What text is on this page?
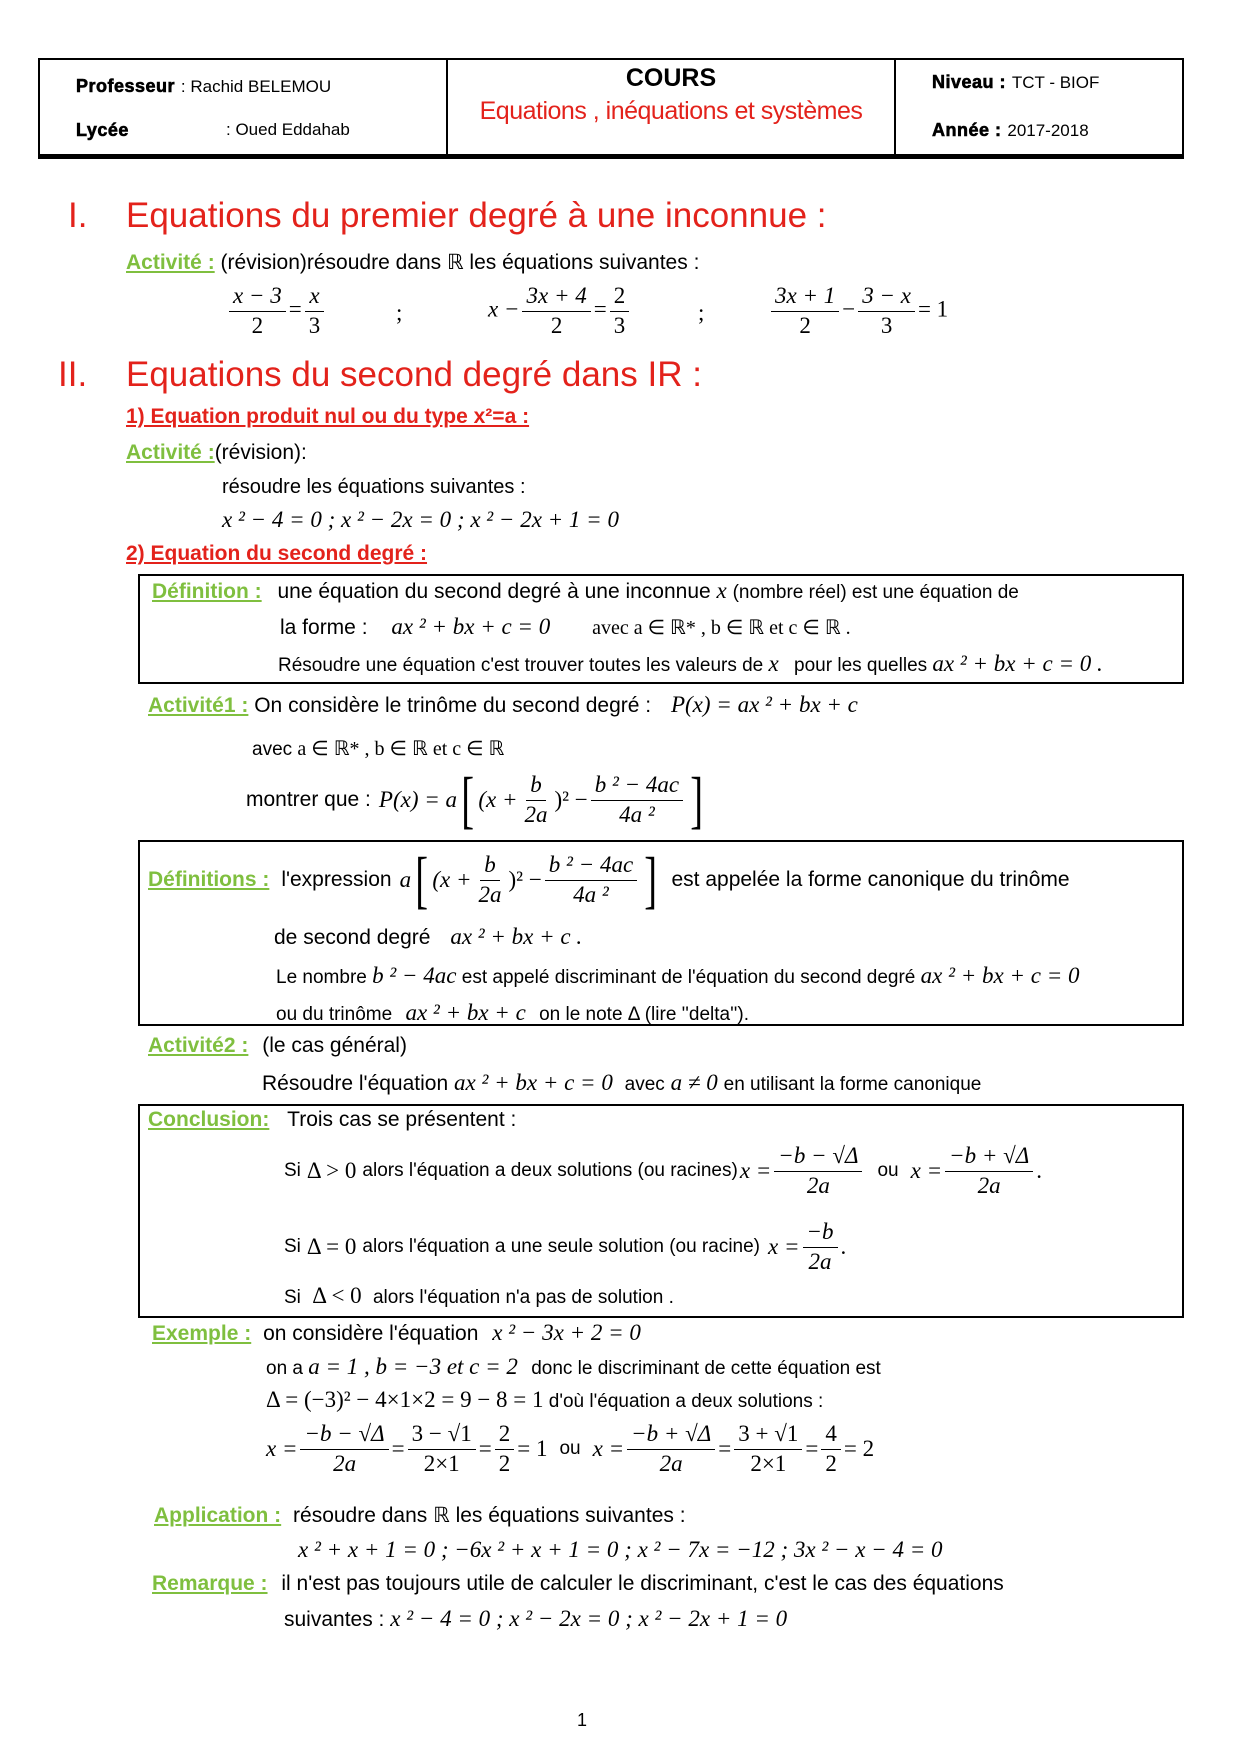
Professeur : Rachid BELEMOU
Lycée	: Oued Eddahab
COURS
Equations , inéquations et systèmes
Niveau : TCT - BIOF
Année : 2017-2018
I. Equations du premier degré à une inconnue :
Activité : (révision)résoudre dans ℝ les équations suivantes :
$\frac{x - 3}{2} = \frac{x}{3}$	;	$x - \frac{3x + 4}{2} = \frac{2}{3}$	;	$\frac{3x + 1}{2} - \frac{3 - x}{3} = 1$
II. Equations du second degré dans IR :
1) Equation produit nul ou du type x²=a :
Activité :(révision):
résoudre les équations suivantes :
x ² − 4 = 0 ; x ² − 2x = 0 ; x ² − 2x + 1 = 0
2) Equation du second degré :
Définition : une équation du second degré à une inconnue x (nombre réel) est une équation de
la forme : ax ² + bx + c = 0 avec a ∈ ℝ* , b ∈ ℝ et c ∈ ℝ .
Résoudre une équation c'est trouver toutes les valeurs de x pour les quelles ax ² + bx + c = 0 .
Activité1 : On considère le trinôme du second degré : P(x) = ax ² + bx + c
avec a ∈ ℝ* , b ∈ ℝ et c ∈ ℝ
montrer que : P(x) = a [ $(x + \frac{b}{2a} )^2 - \frac{\text{b ² − 4ac}}{\text{4a ²}}$ ]
Définitions : l'expression a [ $(x + \frac{b}{2a} )^2 - \frac{\text{b ² − 4ac}}{\text{4a ²}}$ ] est appelée la forme canonique du trinôme
de second degré ax ² + bx + c .
Le nombre b ² − 4ac est appelé discriminant de l'équation du second degré ax ² + bx + c = 0
ou du trinôme ax ² + bx + c on le note Δ (lire ''delta'').
Activité2 : (le cas général)
Résoudre l'équation ax ² + bx + c = 0 avec a ≠ 0 en utilisant la forme canonique
Conclusion: Trois cas se présentent :
Si Δ > 0 alors l'équation a deux solutions (ou racines) $x = \frac{-b - √\Delta}{2a}$ ou $x = \frac{-b + √\Delta}{2a}$ .
Si Δ = 0 alors l'équation a une seule solution (ou racine) $x = \frac{-b}{2a}$ .
Si Δ < 0 alors l'équation n'a pas de solution .
Exemple : on considère l'équation x ² − 3x + 2 = 0
on a a = 1 , b = −3 et c = 2 donc le discriminant de cette équation est
Δ = (−3)² − 4×1×2 = 9 − 8 = 1 d'où l'équation a deux solutions :
$x = \frac{-b - √\Delta}{2a} = \frac{3 - √1}{2\times 1} = \frac{2}{2} = 1$ ou $x = \frac{-b + √\Delta}{2a} = \frac{3 + √1}{2\times 1} = \frac{4}{2} = 2$
Application : résoudre dans ℝ les équations suivantes :
x ² + x + 1 = 0 ; −6x ² + x + 1 = 0 ; x ² − 7x = −12 ; 3x ² − x − 4 = 0
Remarque : il n'est pas toujours utile de calculer le discriminant, c'est le cas des équations
suivantes : x ² − 4 = 0 ; x ² − 2x = 0 ; x ² − 2x + 1 = 0
1
